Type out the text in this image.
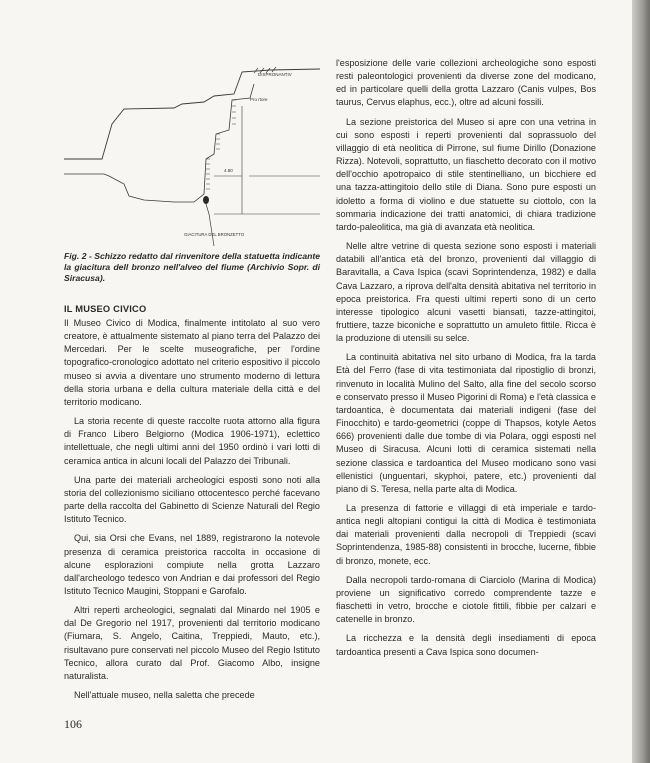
DISPRONANTIV
Pro rtore
4.80
GIACITURA DEL BRONZETTO
Fig. 2 - Schizzo redatto dal rinvenitore della statuetta indicante la giacitura dell bronzo nell'alveo del fiume (Archivio Sopr. di Siracusa).
IL MUSEO CIVICO

Il Museo Civico di Modica, finalmente intitolato al suo vero creatore, è attualmente sistemato al piano terra del Palazzo dei Mercedari. Per le scelte museografiche, per l'ordine topografico-cronologico adottato nel criterio espositivo il piccolo museo si avvia a diventare uno strumento moderno di lettura della storia urbana e della cultura materiale della città e del territorio modicano.

La storia recente di queste raccolte ruota attorno alla figura di Franco Libero Belgiorno (Modica 1906-1971), eclettico intellettuale, che negli ultimi anni del 1950 ordinò i vari lotti di ceramica antica in alcuni locali del Palazzo dei Tribunali.

Una parte dei materiali archeologici esposti sono noti alla storia del collezionismo siciliano ottocentesco perché facevano parte della raccolta del Gabinetto di Scienze Naturali del Regio Istituto Tecnico.

Qui, sia Orsi che Evans, nel 1889, registrarono la notevole presenza di ceramica preistorica raccolta in occasione di alcune esplorazioni compiute nella grotta Lazzaro dall'archeologo tedesco von Andrian e dai professori del Regio Istituto Tecnico Maugini, Stoppani e Garofalo.

Altri reperti archeologici, segnalati dal Minardo nel 1905 e dal De Gregorio nel 1917, provenienti dal territorio modicano (Fiumara, S. Angelo, Caitina, Treppiedi, Mauto, etc.), risultavano pure conservati nel piccolo Museo del Regio Istituto Tecnico, allora curato dal Prof. Giacomo Albo, insigne naturalista.

Nell'attuale museo, nella saletta che precede

l'esposizione delle varie collezioni archeologiche sono esposti resti paleontologici provenienti da diverse zone del modicano, ed in particolare quelli della grotta Lazzaro (Canis vulpes, Bos taurus, Cervus elaphus, ecc.), oltre ad alcuni fossili.

La sezione preistorica del Museo si apre con una vetrina in cui sono esposti i reperti provenienti dal soprassuolo del villaggio di età neolitica di Pirrone, sul fiume Dirillo (Donazione Rizza). Notevoli, soprattutto, un fiaschetto decorato con il motivo dell'occhio apotropaico di stile stentinelliano, un bicchiere ed una tazza-attingitoio dello stile di Diana. Sono pure esposti un idoletto a forma di violino e due statuette su ciottolo, con la sommaria indicazione dei tratti anatomici, di chiara tradizione tardo-paleolitica, ma già di avanzata età neolitica.

Nelle altre vetrine di questa sezione sono esposti i materiali databili all'antica età del bronzo, provenienti dal villaggio di Baravitalla, a Cava Ispica (scavi Soprintendenza, 1982) e dalla Cava Lazzaro, a riprova dell'alta densità abitativa nel territorio in epoca preistorica. Fra questi ultimi reperti sono di un certo interesse tipologico alcuni vasetti biansati, tazze-attingitoi, fruttiere, tazze biconiche e soprattutto un amuleto fittile. Ricca è la produzione di utensili su selce.

La continuità abitativa nel sito urbano di Modica, fra la tarda Età del Ferro (fase di vita testimoniata dal ripostiglio di bronzi, rinvenuto in località Mulino del Salto, alla fine del secolo scorso e conservato presso il Museo Pigorini di Roma) e l'età classica e tardoantica, è documentata dai materiali indigeni (fase del Finocchito) e tardo-geometrici (coppe di Thapsos, kotyle Aetos 666) provenienti dalle due tombe di via Polara, oggi esposti nel Museo di Siracusa. Alcuni lotti di ceramica sistemati nella sezione classica e tardoantica del Museo modicano sono vasi ellenistici (unguentari, skyphoi, patere, etc.) provenienti dal piano di S. Teresa, nella parte alta di Modica.

La presenza di fattorie e villaggi di età imperiale e tardo-antica negli altopiani contigui la città di Modica è testimoniata dai materiali provenienti dalla necropoli di Treppiedi (scavi Soprintendenza, 1985-88) consistenti in brocche, lucerne, fibbie di bronzo, monete, ecc.

Dalla necropoli tardo-romana di Ciarciolo (Marina di Modica) proviene un significativo corredo comprendente tazze e fiaschetti in vetro, brocche e ciotole fittili, fibbie per calzari e catenelle in bronzo.

La ricchezza e la densità degli insediamenti di epoca tardoantica presenti a Cava Ispica sono documen-

106
